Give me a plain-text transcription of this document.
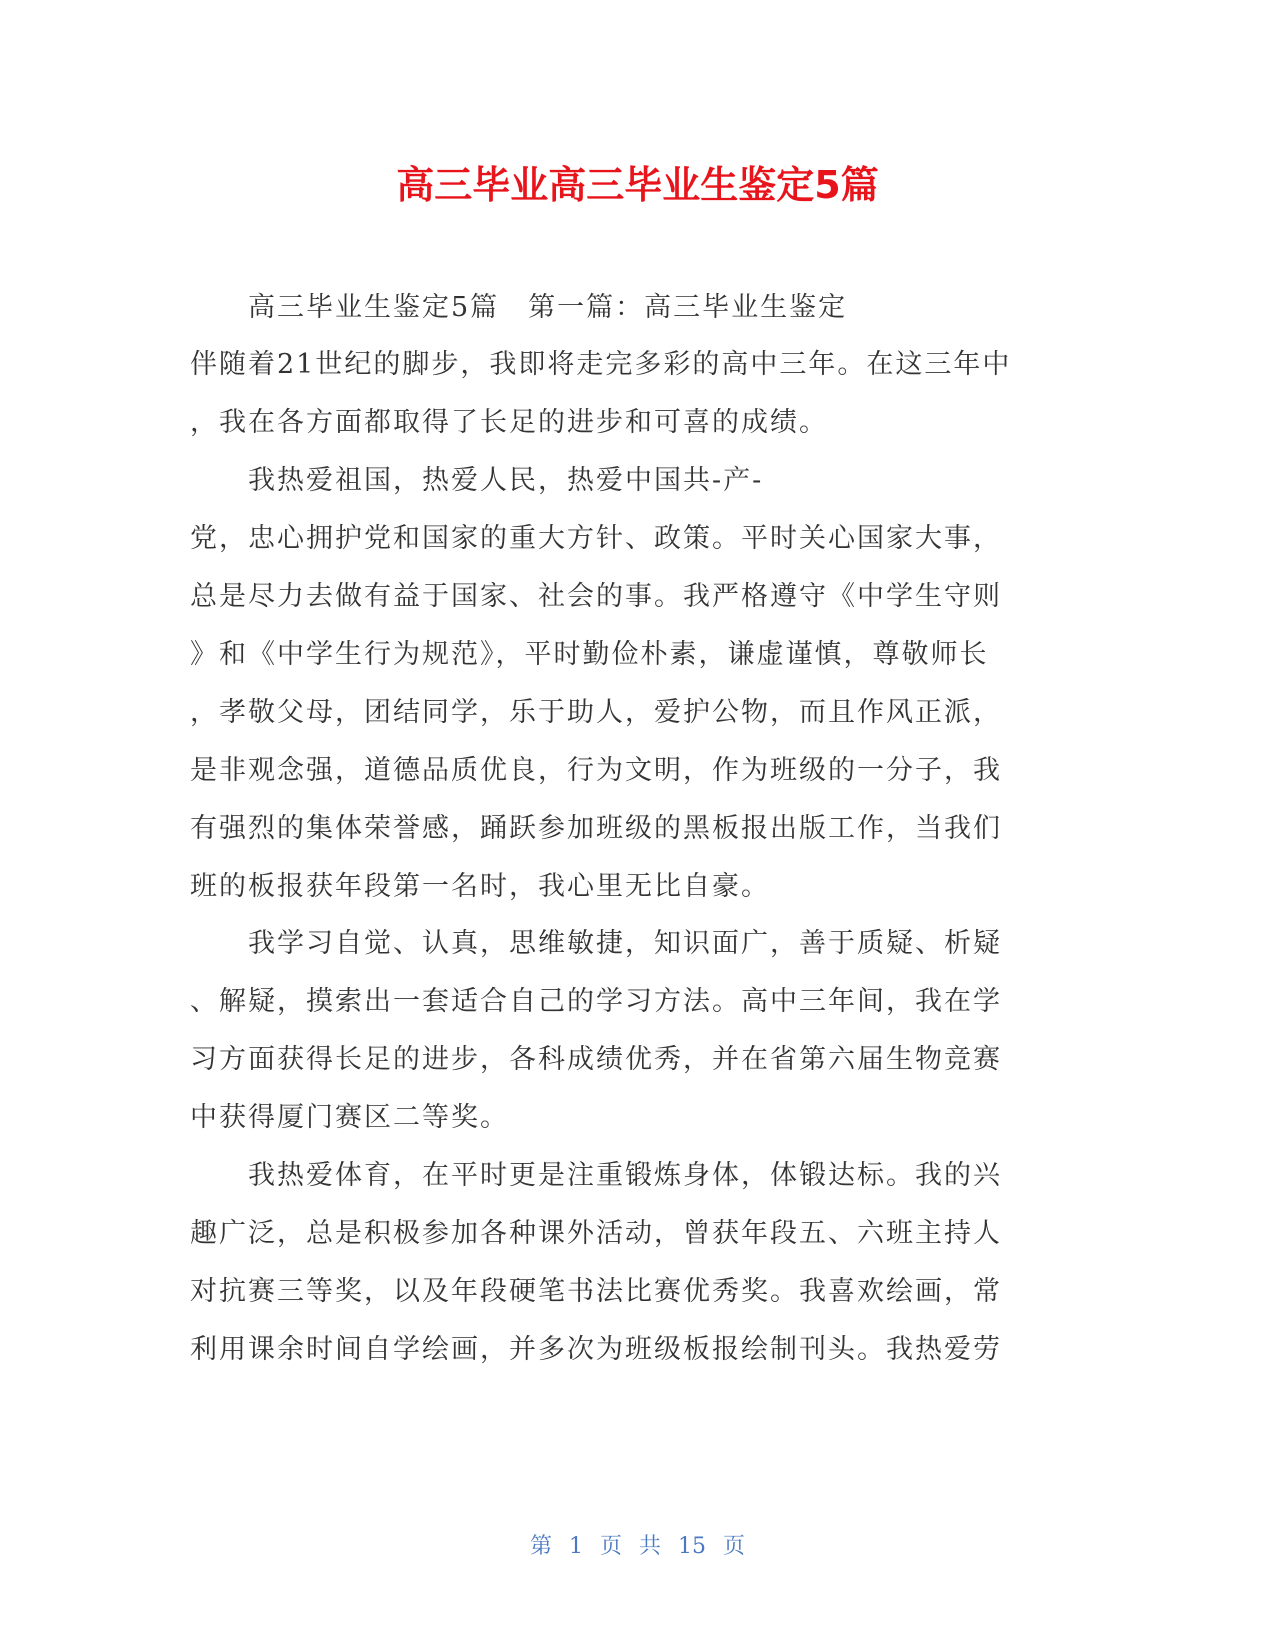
高三毕业高三毕业生鉴定5篇
　　高三毕业生鉴定5篇　第一篇：高三毕业生鉴定
伴随着21世纪的脚步，我即将走完多彩的高中三年。在这三年中
，我在各方面都取得了长足的进步和可喜的成绩。
　　我热爱祖国，热爱人民，热爱中国共-产-
党，忠心拥护党和国家的重大方针、政策。平时关心国家大事，
总是尽力去做有益于国家、社会的事。我严格遵守《中学生守则
》和《中学生行为规范》，平时勤俭朴素，谦虚谨慎，尊敬师长
，孝敬父母，团结同学，乐于助人，爱护公物，而且作风正派，
是非观念强，道德品质优良，行为文明，作为班级的一分子，我
有强烈的集体荣誉感，踊跃参加班级的黑板报出版工作，当我们
班的板报获年段第一名时，我心里无比自豪。
　　我学习自觉、认真，思维敏捷，知识面广，善于质疑、析疑
、解疑，摸索出一套适合自己的学习方法。高中三年间，我在学
习方面获得长足的进步，各科成绩优秀，并在省第六届生物竞赛
中获得厦门赛区二等奖。
　　我热爱体育，在平时更是注重锻炼身体，体锻达标。我的兴
趣广泛，总是积极参加各种课外活动，曾获年段五、六班主持人
对抗赛三等奖，以及年段硬笔书法比赛优秀奖。我喜欢绘画，常
利用课余时间自学绘画，并多次为班级板报绘制刊头。我热爱劳
第 1 页 共 15 页
